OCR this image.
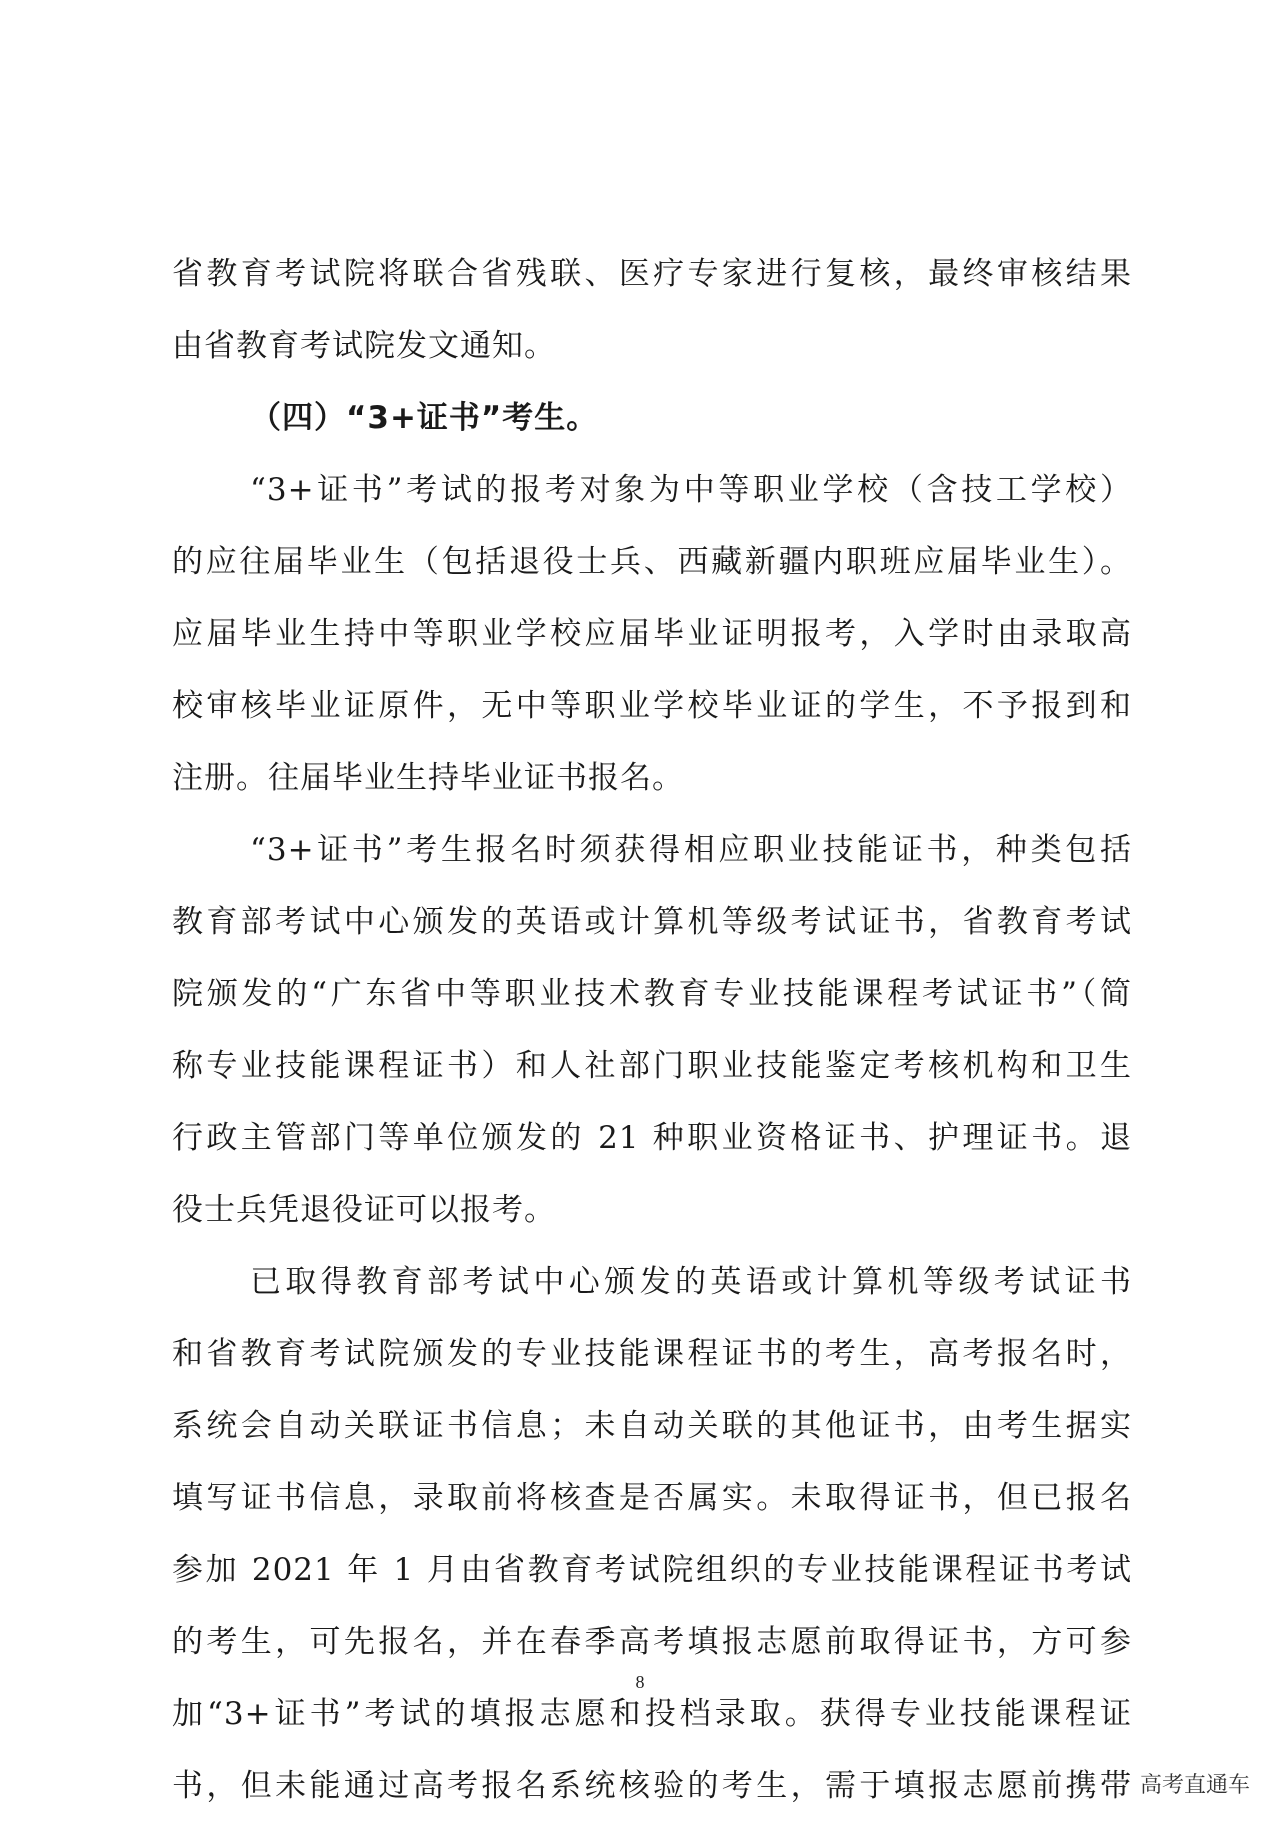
省教育考试院将联合省残联、医疗专家进行复核，最终审核结果
由省教育考试院发文通知。
（四）“3+证书”考生。
“3+证书”考试的报考对象为中等职业学校（含技工学校）
的应往届毕业生（包括退役士兵、西藏新疆内职班应届毕业生）。
应届毕业生持中等职业学校应届毕业证明报考，入学时由录取高
校审核毕业证原件，无中等职业学校毕业证的学生，不予报到和
注册。往届毕业生持毕业证书报名。
“3+证书”考生报名时须获得相应职业技能证书，种类包括
教育部考试中心颁发的英语或计算机等级考试证书，省教育考试
院颁发的“广东省中等职业技术教育专业技能课程考试证书”（简
称专业技能课程证书）和人社部门职业技能鉴定考核机构和卫生
行政主管部门等单位颁发的 21 种职业资格证书、护理证书。退
役士兵凭退役证可以报考。
已取得教育部考试中心颁发的英语或计算机等级考试证书
和省教育考试院颁发的专业技能课程证书的考生，高考报名时，
系统会自动关联证书信息；未自动关联的其他证书，由考生据实
填写证书信息，录取前将核查是否属实。未取得证书，但已报名
参加 2021 年 1 月由省教育考试院组织的专业技能课程证书考试
的考生，可先报名，并在春季高考填报志愿前取得证书，方可参
加“3+证书”考试的填报志愿和投档录取。获得专业技能课程证
书，但未能通过高考报名系统核验的考生，需于填报志愿前携带
8
高考直通车
